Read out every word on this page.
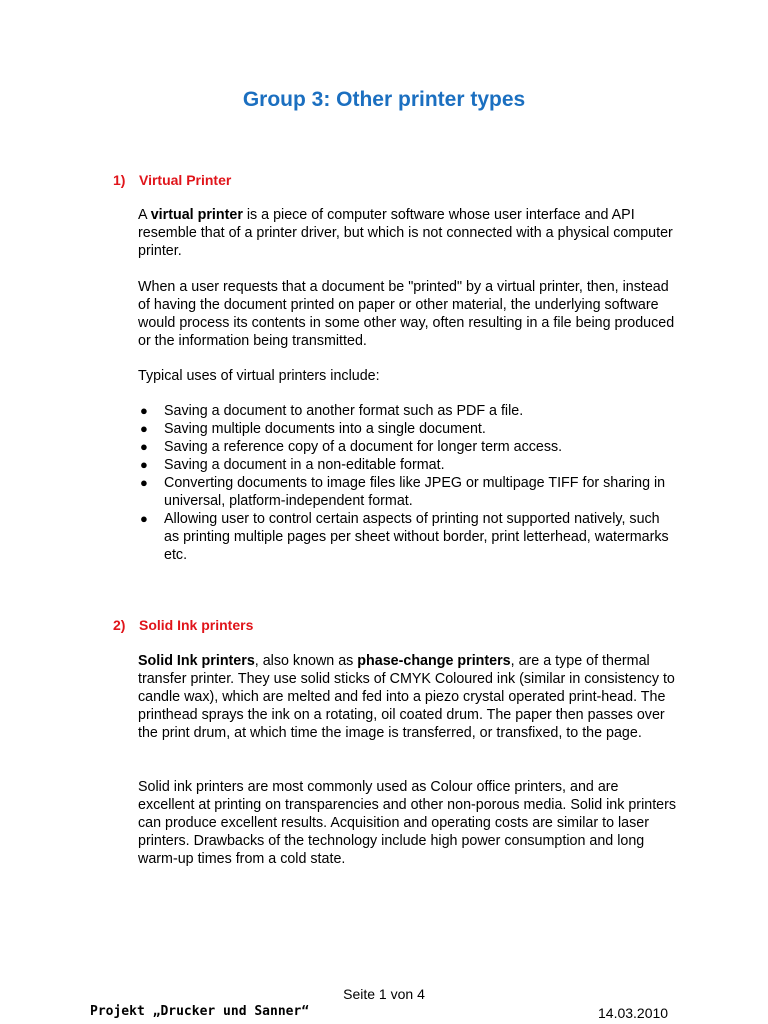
Group 3: Other printer types
1) Virtual Printer
A virtual printer is a piece of computer software whose user interface and API resemble that of a printer driver, but which is not connected with a physical computer printer.
When a user requests that a document be "printed" by a virtual printer, then, instead of having the document printed on paper or other material, the underlying software would process its contents in some other way, often resulting in a file being produced or the information being transmitted.
Typical uses of virtual printers include:
● Saving a document to another format such as PDF a file.
● Saving multiple documents into a single document.
● Saving a reference copy of a document for longer term access.
● Saving a document in a non-editable format.
● Converting documents to image files like JPEG or multipage TIFF for sharing in universal, platform-independent format.
● Allowing user to control certain aspects of printing not supported natively, such as printing multiple pages per sheet without border, print letterhead, watermarks etc.
2) Solid Ink printers
Solid Ink printers, also known as phase-change printers, are a type of thermal transfer printer. They use solid sticks of CMYK Coloured ink (similar in consistency to candle wax), which are melted and fed into a piezo crystal operated print-head. The printhead sprays the ink on a rotating, oil coated drum. The paper then passes over the print drum, at which time the image is transferred, or transfixed, to the page.
Solid ink printers are most commonly used as Colour office printers, and are excellent at printing on transparencies and other non-porous media. Solid ink printers can produce excellent results. Acquisition and operating costs are similar to laser printers. Drawbacks of the technology include high power consumption and long warm-up times from a cold state.
Seite 1 von 4
Projekt „Drucker und Sanner“	14.03.2010
